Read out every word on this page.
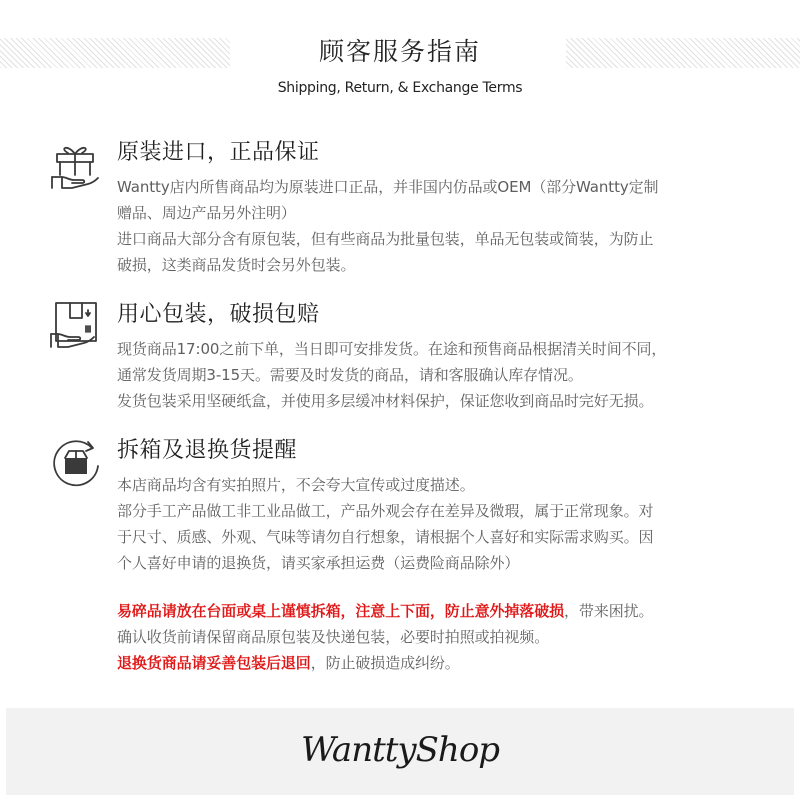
顾客服务指南
Shipping, Return, & Exchange Terms
原装进口，正品保证
Wantty店内所售商品均为原装进口正品，并非国内仿品或OEM（部分Wantty定制
赠品、周边产品另外注明）
进口商品大部分含有原包装，但有些商品为批量包装，单品无包装或简装，为防止
破损，这类商品发货时会另外包装。
用心包装，破损包赔
现货商品17:00之前下单，当日即可安排发货。在途和预售商品根据清关时间不同，
通常发货周期3-15天。需要及时发货的商品，请和客服确认库存情况。
发货包装采用坚硬纸盒，并使用多层缓冲材料保护，保证您收到商品时完好无损。
拆箱及退换货提醒
本店商品均含有实拍照片，不会夸大宣传或过度描述。
部分手工产品做工非工业品做工，产品外观会存在差异及微瑕，属于正常现象。对
于尺寸、质感、外观、气味等请勿自行想象，请根据个人喜好和实际需求购买。因
个人喜好申请的退换货，请买家承担运费（运费险商品除外）
易碎品请放在台面或桌上谨慎拆箱，注意上下面，防止意外掉落破损，带来困扰。
确认收货前请保留商品原包装及快递包装，必要时拍照或拍视频。
退换货商品请妥善包装后退回，防止破损造成纠纷。
WanttyShop
